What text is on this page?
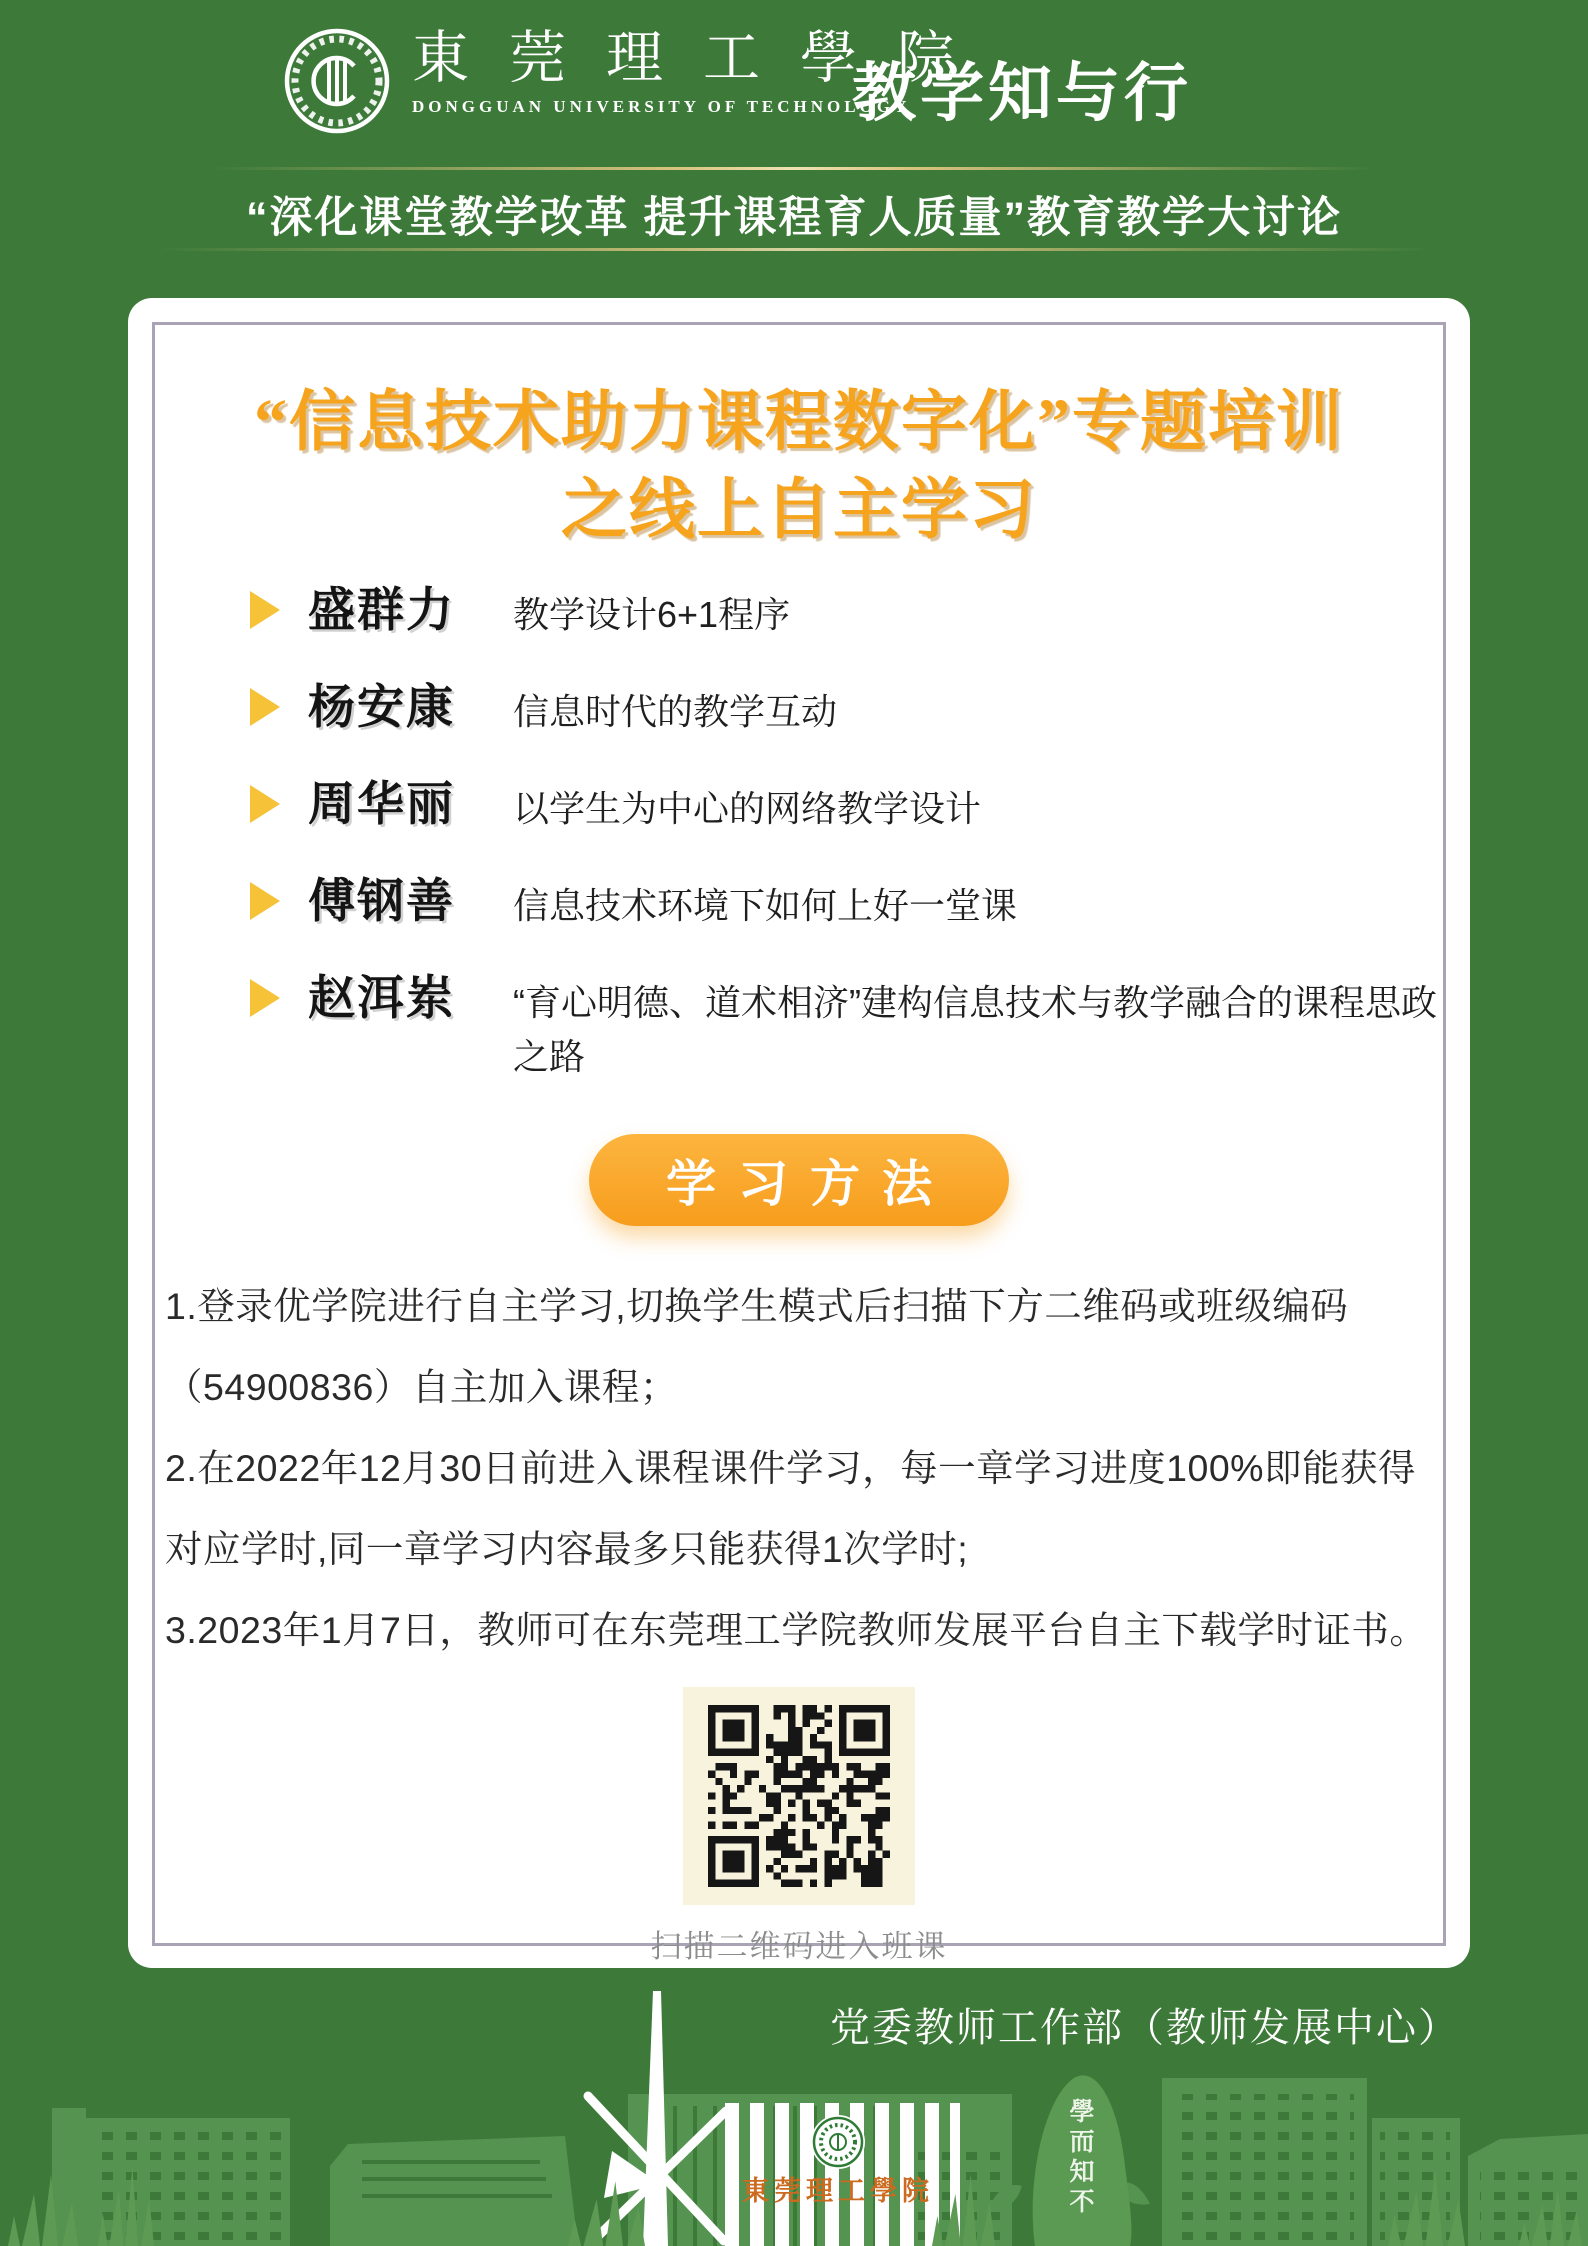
東莞理工學院
DONGGUAN UNIVERSITY OF TECHNOLOGY
教学知与行
“深化课堂教学改革 提升课程育人质量”教育教学大讨论
“信息技术助力课程数字化”专题培训
之线上自主学习
盛群力	教学设计6+1程序
杨安康	信息时代的教学互动
周华丽	以学生为中心的网络教学设计
傅钢善	信息技术环境下如何上好一堂课
赵洱岽	“育心明德、道术相济”建构信息技术与教学融合的课程思政之路
学习方法
1.登录优学院进行自主学习,切换学生模式后扫描下方二维码或班级编码
（54900836）自主加入课程；
2.在2022年12月30日前进入课程课件学习，每一章学习进度100%即能获得
对应学时,同一章学习内容最多只能获得1次学时;
3.2023年1月7日，教师可在东莞理工学院教师发展平台自主下载学时证书。
扫描二维码进入班课
党委教师工作部（教师发展中心）
學而知不
東莞理工學院
